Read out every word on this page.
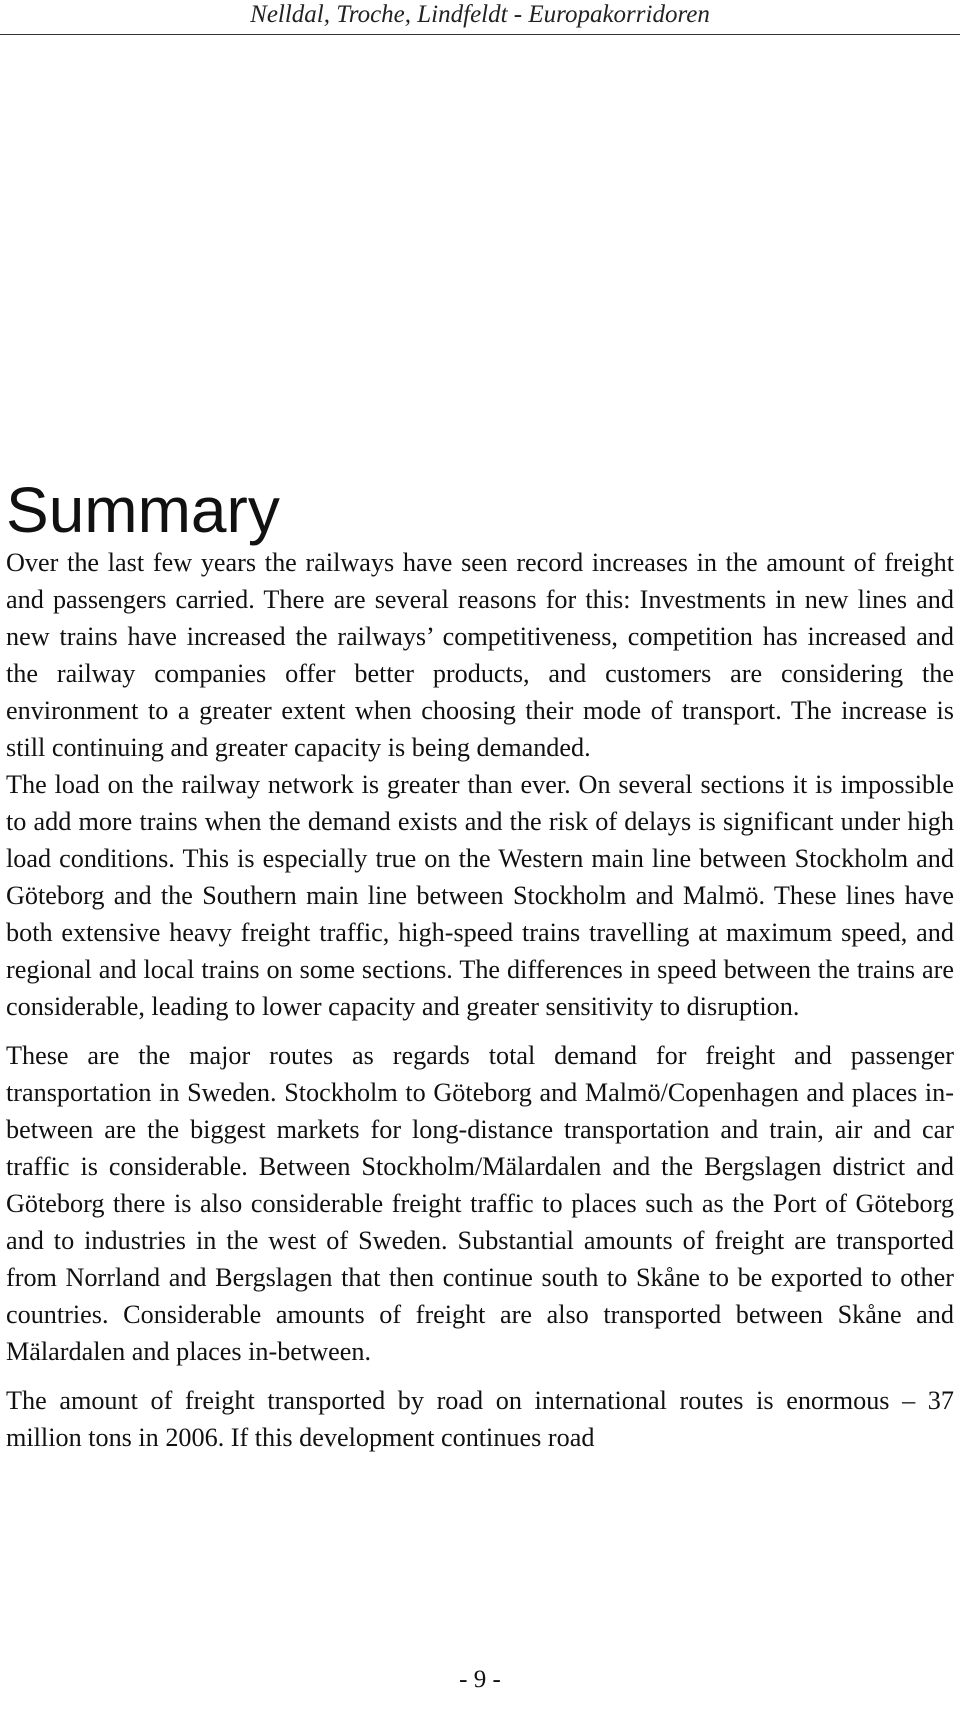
Nelldal, Troche, Lindfeldt - Europakorridoren
Summary

Over the last few years the railways have seen record increases in the amount of freight and passengers carried. There are several reasons for this: Investments in new lines and new trains have increased the railways’ competitiveness, competition has increased and the railway companies offer better products, and customers are considering the environment to a greater extent when choosing their mode of transport. The increase is still continuing and greater capacity is being demanded.

The load on the railway network is greater than ever. On several sections it is impossible to add more trains when the demand exists and the risk of delays is significant under high load conditions. This is especially true on the Western main line between Stockholm and Göteborg and the Southern main line between Stockholm and Malmö. These lines have both extensive heavy freight traffic, high-speed trains travelling at maximum speed, and regional and local trains on some sections. The differences in speed between the trains are considerable, leading to lower capacity and greater sensitivity to disruption.

These are the major routes as regards total demand for freight and passenger transportation in Sweden. Stockholm to Göteborg and Malmö/Copenhagen and places in-between are the biggest markets for long-distance transportation and train, air and car traffic is considerable. Between Stockholm/Mälardalen and the Bergslagen district and Göteborg there is also considerable freight traffic to places such as the Port of Göteborg and to industries in the west of Sweden. Substantial amounts of freight are transported from Norrland and Bergslagen that then continue south to Skåne to be exported to other countries. Considerable amounts of freight are also transported between Skåne and Mälardalen and places in-between.

The amount of freight transported by road on international routes is enormous – 37 million tons in 2006. If this development continues road

- 9 -
